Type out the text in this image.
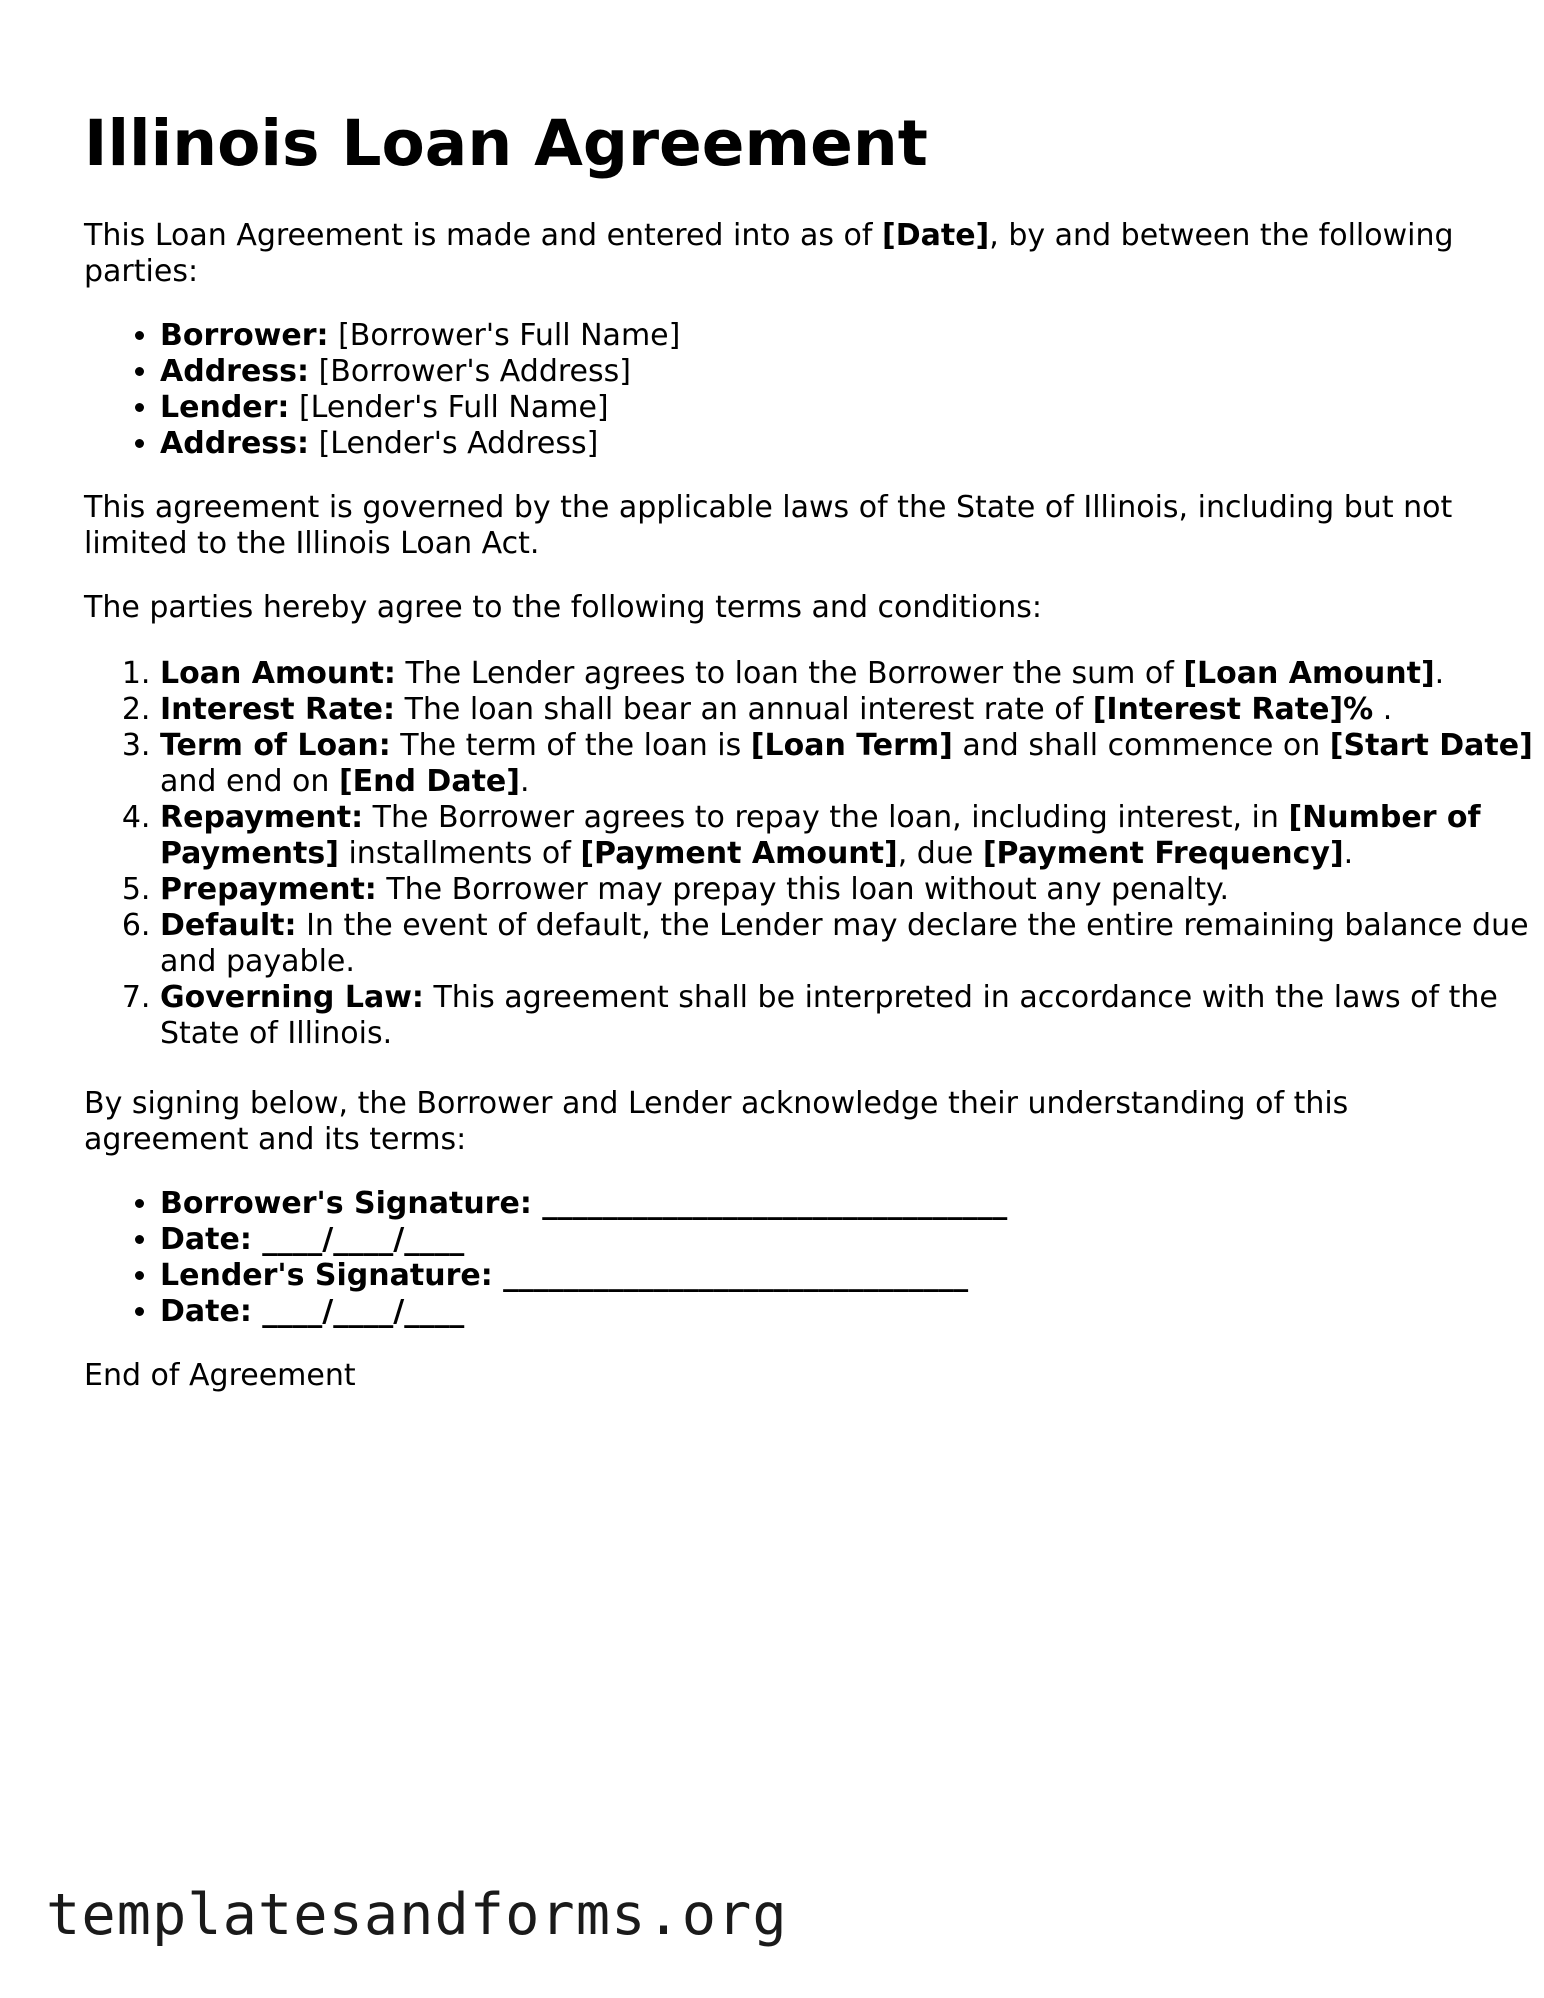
Illinois Loan Agreement

This Loan Agreement is made and entered into as of [Date], by and between the following parties:

• Borrower: [Borrower's Full Name]
• Address: [Borrower's Address]
• Lender: [Lender's Full Name]
• Address: [Lender's Address]

This agreement is governed by the applicable laws of the State of Illinois, including but not limited to the Illinois Loan Act.

The parties hereby agree to the following terms and conditions:

1. Loan Amount: The Lender agrees to loan the Borrower the sum of [Loan Amount].
2. Interest Rate: The loan shall bear an annual interest rate of [Interest Rate]% .
3. Term of Loan: The term of the loan is [Loan Term] and shall commence on [Start Date] and end on [End Date].
4. Repayment: The Borrower agrees to repay the loan, including interest, in [Number of Payments] installments of [Payment Amount], due [Payment Frequency].
5. Prepayment: The Borrower may prepay this loan without any penalty.
6. Default: In the event of default, the Lender may declare the entire remaining balance due and payable.
7. Governing Law: This agreement shall be interpreted in accordance with the laws of the State of Illinois.

By signing below, the Borrower and Lender acknowledge their understanding of this agreement and its terms:

• Borrower's Signature: _______________________________
• Date: ____/____/____
• Lender's Signature: _______________________________
• Date: ____/____/____

End of Agreement

templatesandforms.org
